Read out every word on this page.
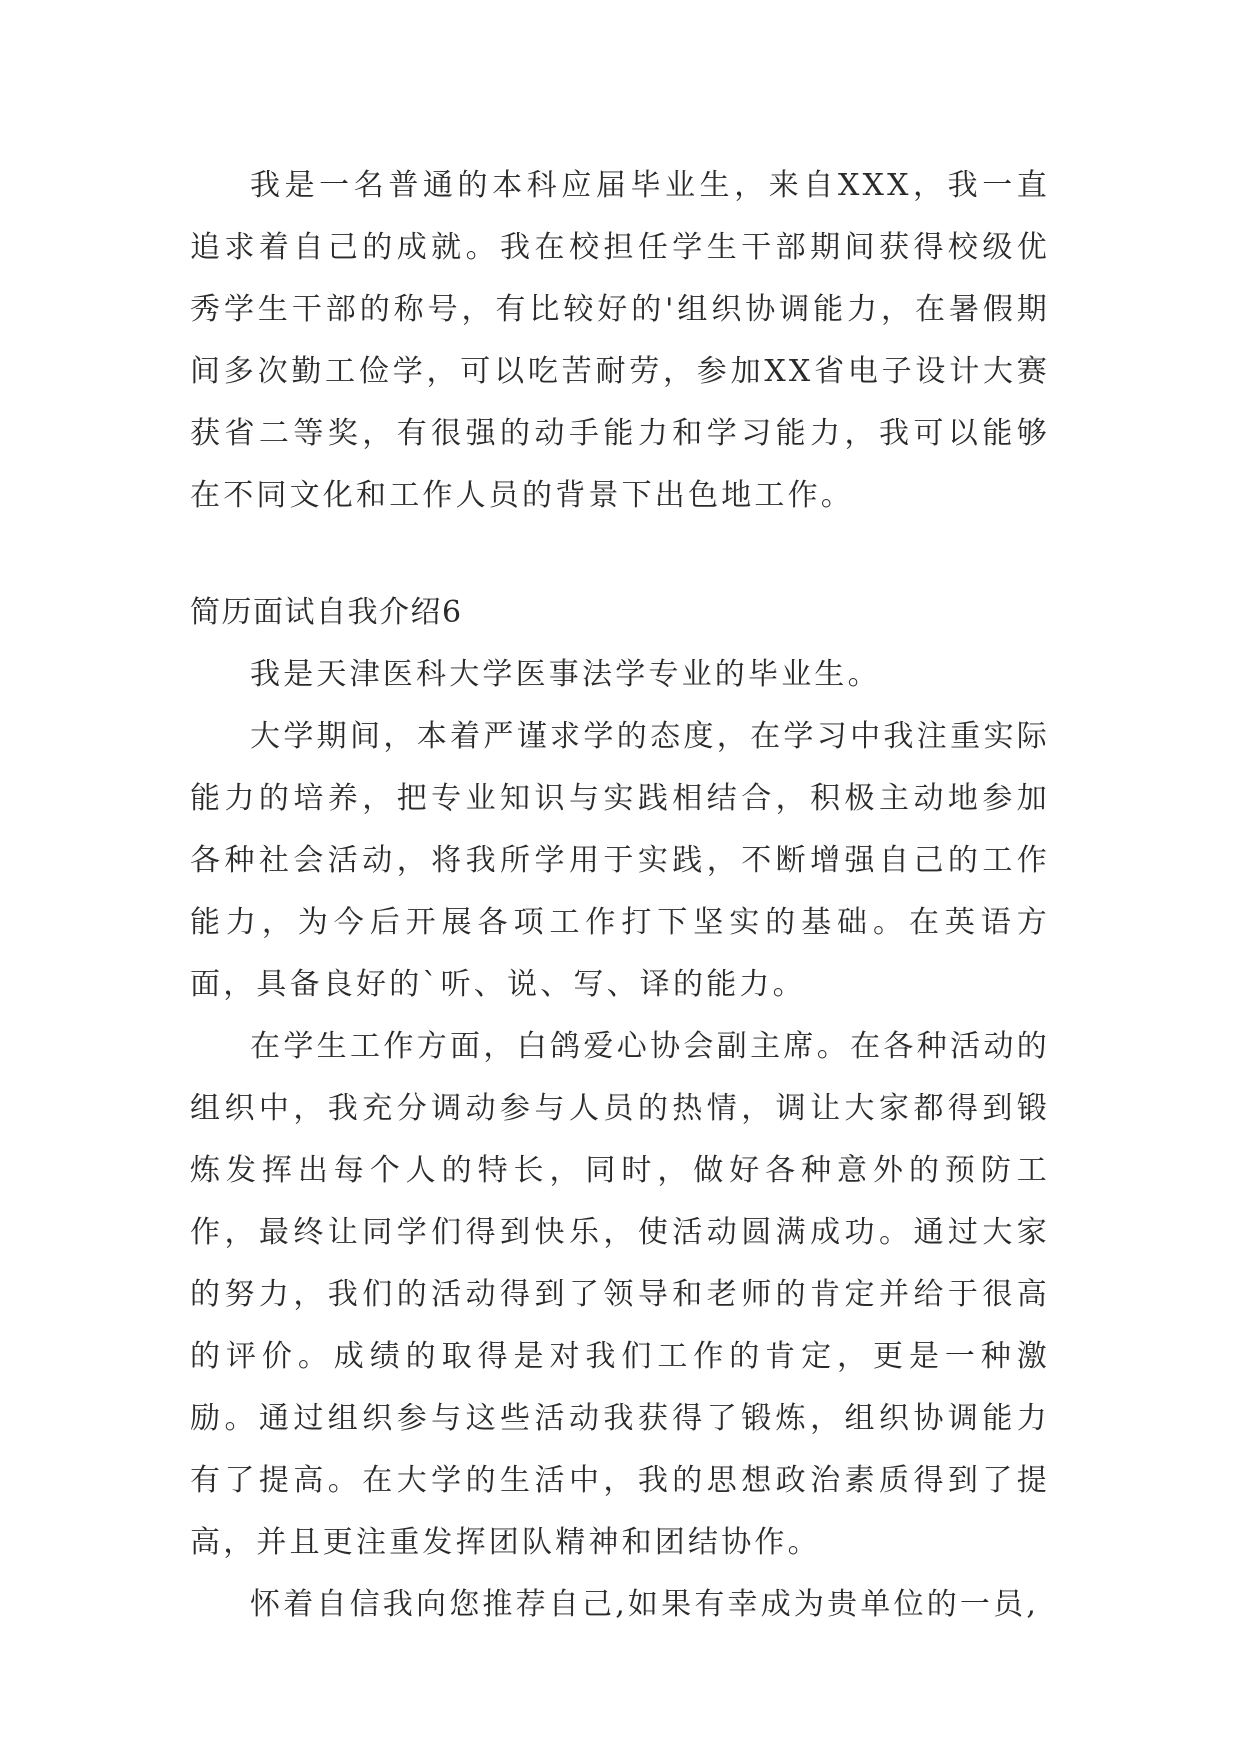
我是一名普通的本科应届毕业生，来自XXX，我一直追求着自己的成就。我在校担任学生干部期间获得校级优秀学生干部的称号，有比较好的'组织协调能力，在暑假期间多次勤工俭学，可以吃苦耐劳，参加XX省电子设计大赛获省二等奖，有很强的动手能力和学习能力，我可以能够在不同文化和工作人员的背景下出色地工作。

简历面试自我介绍6

我是天津医科大学医事法学专业的毕业生。

大学期间，本着严谨求学的态度，在学习中我注重实际能力的培养，把专业知识与实践相结合，积极主动地参加各种社会活动，将我所学用于实践，不断增强自己的工作能力，为今后开展各项工作打下坚实的基础。在英语方面，具备良好的`听、说、写、译的能力。

在学生工作方面，白鸽爱心协会副主席。在各种活动的组织中，我充分调动参与人员的热情，调让大家都得到锻炼发挥出每个人的特长，同时，做好各种意外的预防工作，最终让同学们得到快乐，使活动圆满成功。通过大家的努力，我们的活动得到了领导和老师的肯定并给于很高的评价。成绩的取得是对我们工作的肯定，更是一种激励。通过组织参与这些活动我获得了锻炼，组织协调能力有了提高。在大学的生活中，我的思想政治素质得到了提高，并且更注重发挥团队精神和团结协作。

怀着自信我向您推荐自己,如果有幸成为贵单位的一员,
